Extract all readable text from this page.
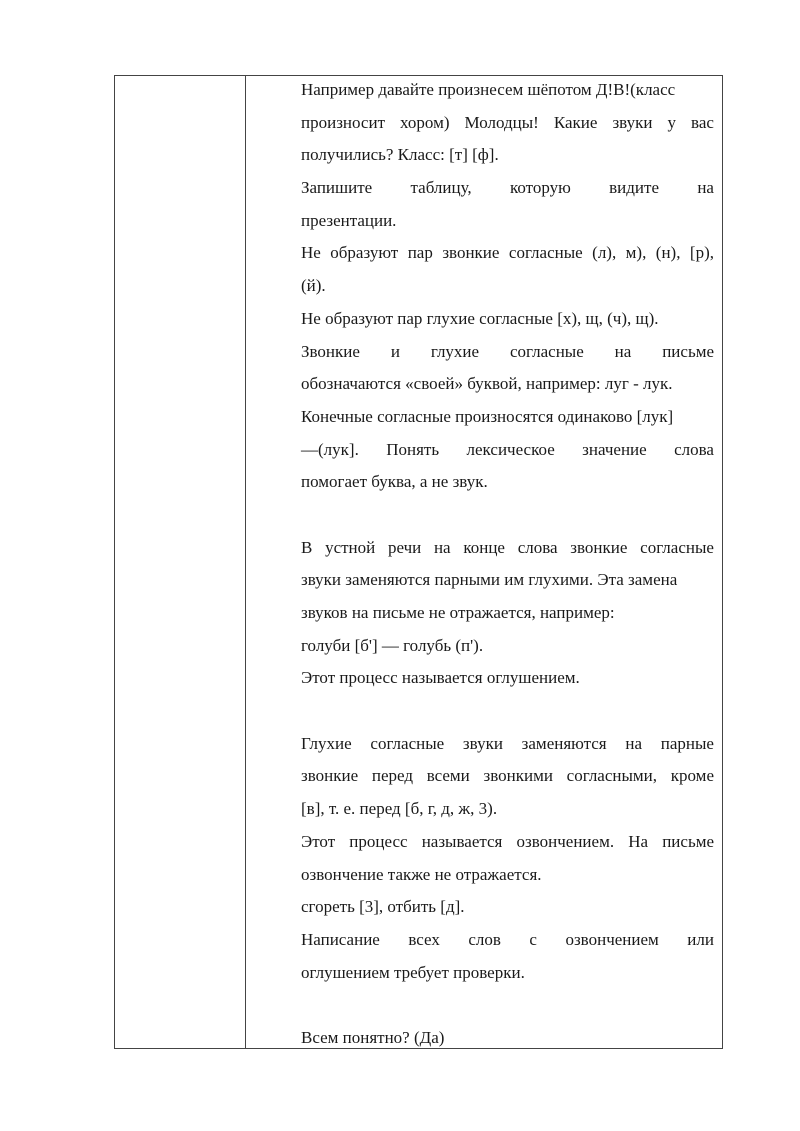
Например давайте произнесем шёпотом Д!В!(класс
произносит хором) Молодцы! Какие звуки у вас
получились? Класс: [т] [ф].
Запишите таблицу, которую видите на
презентации.
Не образуют пар звонкие согласные (л), м), (н), [р),
(й).
Не образуют пар глухие согласные [х), щ, (ч), щ).
Звонкие и глухие согласные на письме
обозначаются «своей» буквой, например: луг - лук.
Конечные согласные произносятся одинаково [лук]
—(лук]. Понять лексическое значение слова
помогает буква, а не звук.
В устной речи на конце слова звонкие согласные
звуки заменяются парными им глухими. Эта замена
звуков на письме не отражается, например:
голуби [б'] — голубь (п').
Этот процесс называется оглушением.
Глухие согласные звуки заменяются на парные
звонкие перед всеми звонкими согласными, кроме
[в], т. е. перед [б, г, д, ж, 3).
Этот процесс называется озвончением. На письме
озвончение также не отражается.
сгореть [3], отбить [д].
Написание всех слов с озвончением или
оглушением требует проверки.
Всем понятно? (Да)
